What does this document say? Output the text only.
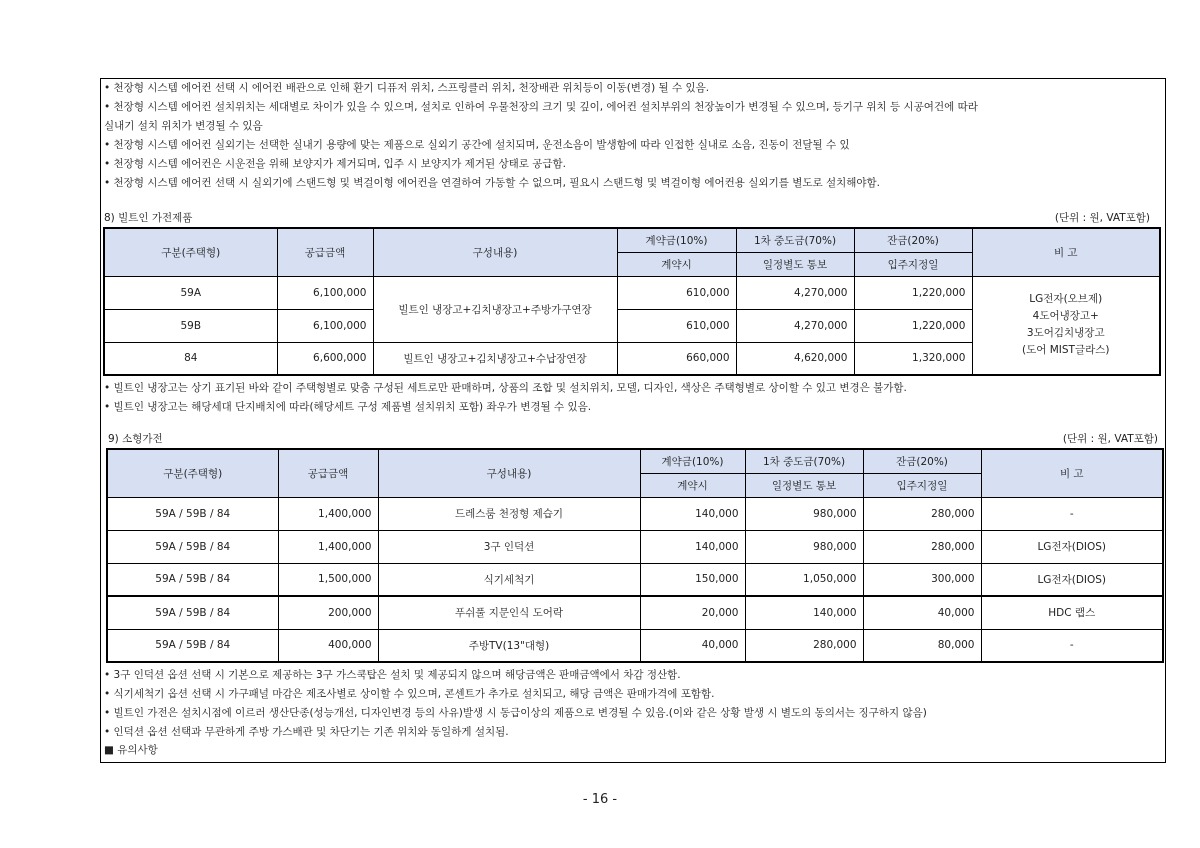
• 천장형 시스템 에어컨 선택 시 에어컨 배관으로 인해 환기 디퓨저 위치, 스프링클러 위치, 천장배관 위치등이 이동(변경) 될 수 있음.
• 천장형 시스템 에어컨 설치위치는 세대별로 차이가 있을 수 있으며, 설치로 인하여 우물천장의 크기 및 깊이, 에어컨 설치부위의 천장높이가 변경될 수 있으며, 등기구 위치 등 시공여건에 따라
실내기 설치 위치가 변경될 수 있음
• 천장형 시스템 에어컨 실외기는 선택한 실내기 용량에 맞는 제품으로 실외기 공간에 설치되며, 운전소음이 발생함에 따라 인접한 실내로 소음, 진동이 전달될 수 있
• 천장형 시스템 에어컨은 시운전을 위해 보양지가 제거되며, 입주 시 보양지가 제거된 상태로 공급함.
• 천장형 시스템 에어컨 선택 시 실외기에 스탠드형 및 벽걸이형 에어컨을 연결하여 가동할 수 없으며, 필요시 스탠드형 및 벽걸이형 에어컨용 실외기를 별도로 설치해야함.
8) 빌트인 가전제품	(단위 : 원, VAT포함)
구분(주택형)	공급금액	구성내용)	계약금(10%)	1차 중도금(70%)	잔금(20%)	비 고
			계약시	일정별도 통보	입주지정일	
59A	6,100,000	빌트인 냉장고+김치냉장고+주방가구연장	610,000	4,270,000	1,220,000	LG전자(오브제)
4도어냉장고+
3도어김치냉장고
(도어 MIST글라스)

59B	6,100,000		610,000	4,270,000	1,220,000	
84	6,600,000	빌트인 냉장고+김치냉장고+수납장연장	660,000	4,620,000	1,320,000	
• 빌트인 냉장고는 상기 표기된 바와 같이 주택형별로 맞춤 구성된 세트로만 판매하며, 상품의 조합 및 설치위치, 모델, 디자인, 색상은 주택형별로 상이할 수 있고 변경은 불가함.
• 빌트인 냉장고는 해당세대 단지배치에 따라(해당세트 구성 제품별 설치위치 포함) 좌우가 변경될 수 있음.
9) 소형가전	(단위 : 원, VAT포함)
구분(주택형)	공급금액	구성내용)	계약금(10%)	1차 중도금(70%)	잔금(20%)	비 고
			계약시	일정별도 통보	입주지정일	
59A / 59B / 84	1,400,000	드레스룸 천정형 제습기	140,000	980,000	280,000	-
59A / 59B / 84	1,400,000	3구 인덕션	140,000	980,000	280,000	LG전자(DIOS)
59A / 59B / 84	1,500,000	식기세척기	150,000	1,050,000	300,000	LG전자(DIOS)
59A / 59B / 84	200,000	푸쉬풀 지문인식 도어락	20,000	140,000	40,000	HDC 랩스
59A / 59B / 84	400,000	주방TV(13"대형)	40,000	280,000	80,000	-
• 3구 인덕션 옵션 선택 시 기본으로 제공하는 3구 가스쿡탑은 설치 및 제공되지 않으며 해당금액은 판매금액에서 차감 정산함.
• 식기세척기 옵션 선택 시 가구패널 마감은 제조사별로 상이할 수 있으며, 콘센트가 추가로 설치되고, 해당 금액은 판매가격에 포함함.
• 빌트인 가전은 설치시점에 이르러 생산단종(성능개선, 디자인변경 등의 사유)발생 시 동급이상의 제품으로 변경될 수 있음.(이와 같은 상황 발생 시 별도의 동의서는 징구하지 않음)
• 인덕션 옵션 선택과 무관하게 주방 가스배관 및 차단기는 기존 위치와 동일하게 설치됨.
■ 유의사항
- 16 -
